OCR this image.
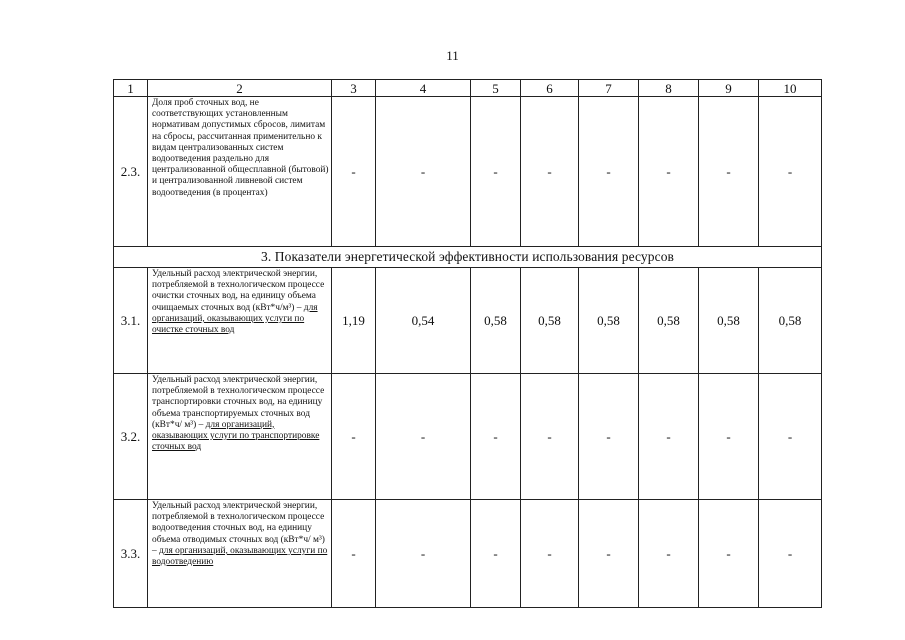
11
1	2	3	4	5	6	7	8	9	10
2.3.	Доля проб сточных вод, не соответствующих установленным нормативам допустимых сбросов, лимитам на сбросы, рассчитанная применительно к видам централизованных систем водоотведения раздельно для централизованной общесплавной (бытовой) и централизованной ливневой систем водоотведения (в процентах)	-	-	-	-	-	-	-	-
3. Показатели энергетической эффективности использования ресурсов									
3.1.	Удельный расход электрической энергии, потребляемой в технологическом процессе очистки сточных вод, на единицу объема очищаемых сточных вод (кВт*ч/м³) – для организаций, оказывающих услуги по очистке сточных вод	1,19	0,54	0,58	0,58	0,58	0,58	0,58	0,58
3.2.	Удельный расход электрической энергии, потребляемой в технологическом процессе транспортировки сточных вод, на единицу объема транспортируемых сточных вод (кВт*ч/ м³) – для организаций, оказывающих услуги по транспортировке сточных вод	-	-	-	-	-	-	-	-
3.3.	Удельный расход электрической энергии, потребляемой в технологическом процессе водоотведения сточных вод, на единицу объема отводимых сточных вод (кВт*ч/ м³) – для организаций, оказывающих услуги по водоотведению	-	-	-	-	-	-	-	-
